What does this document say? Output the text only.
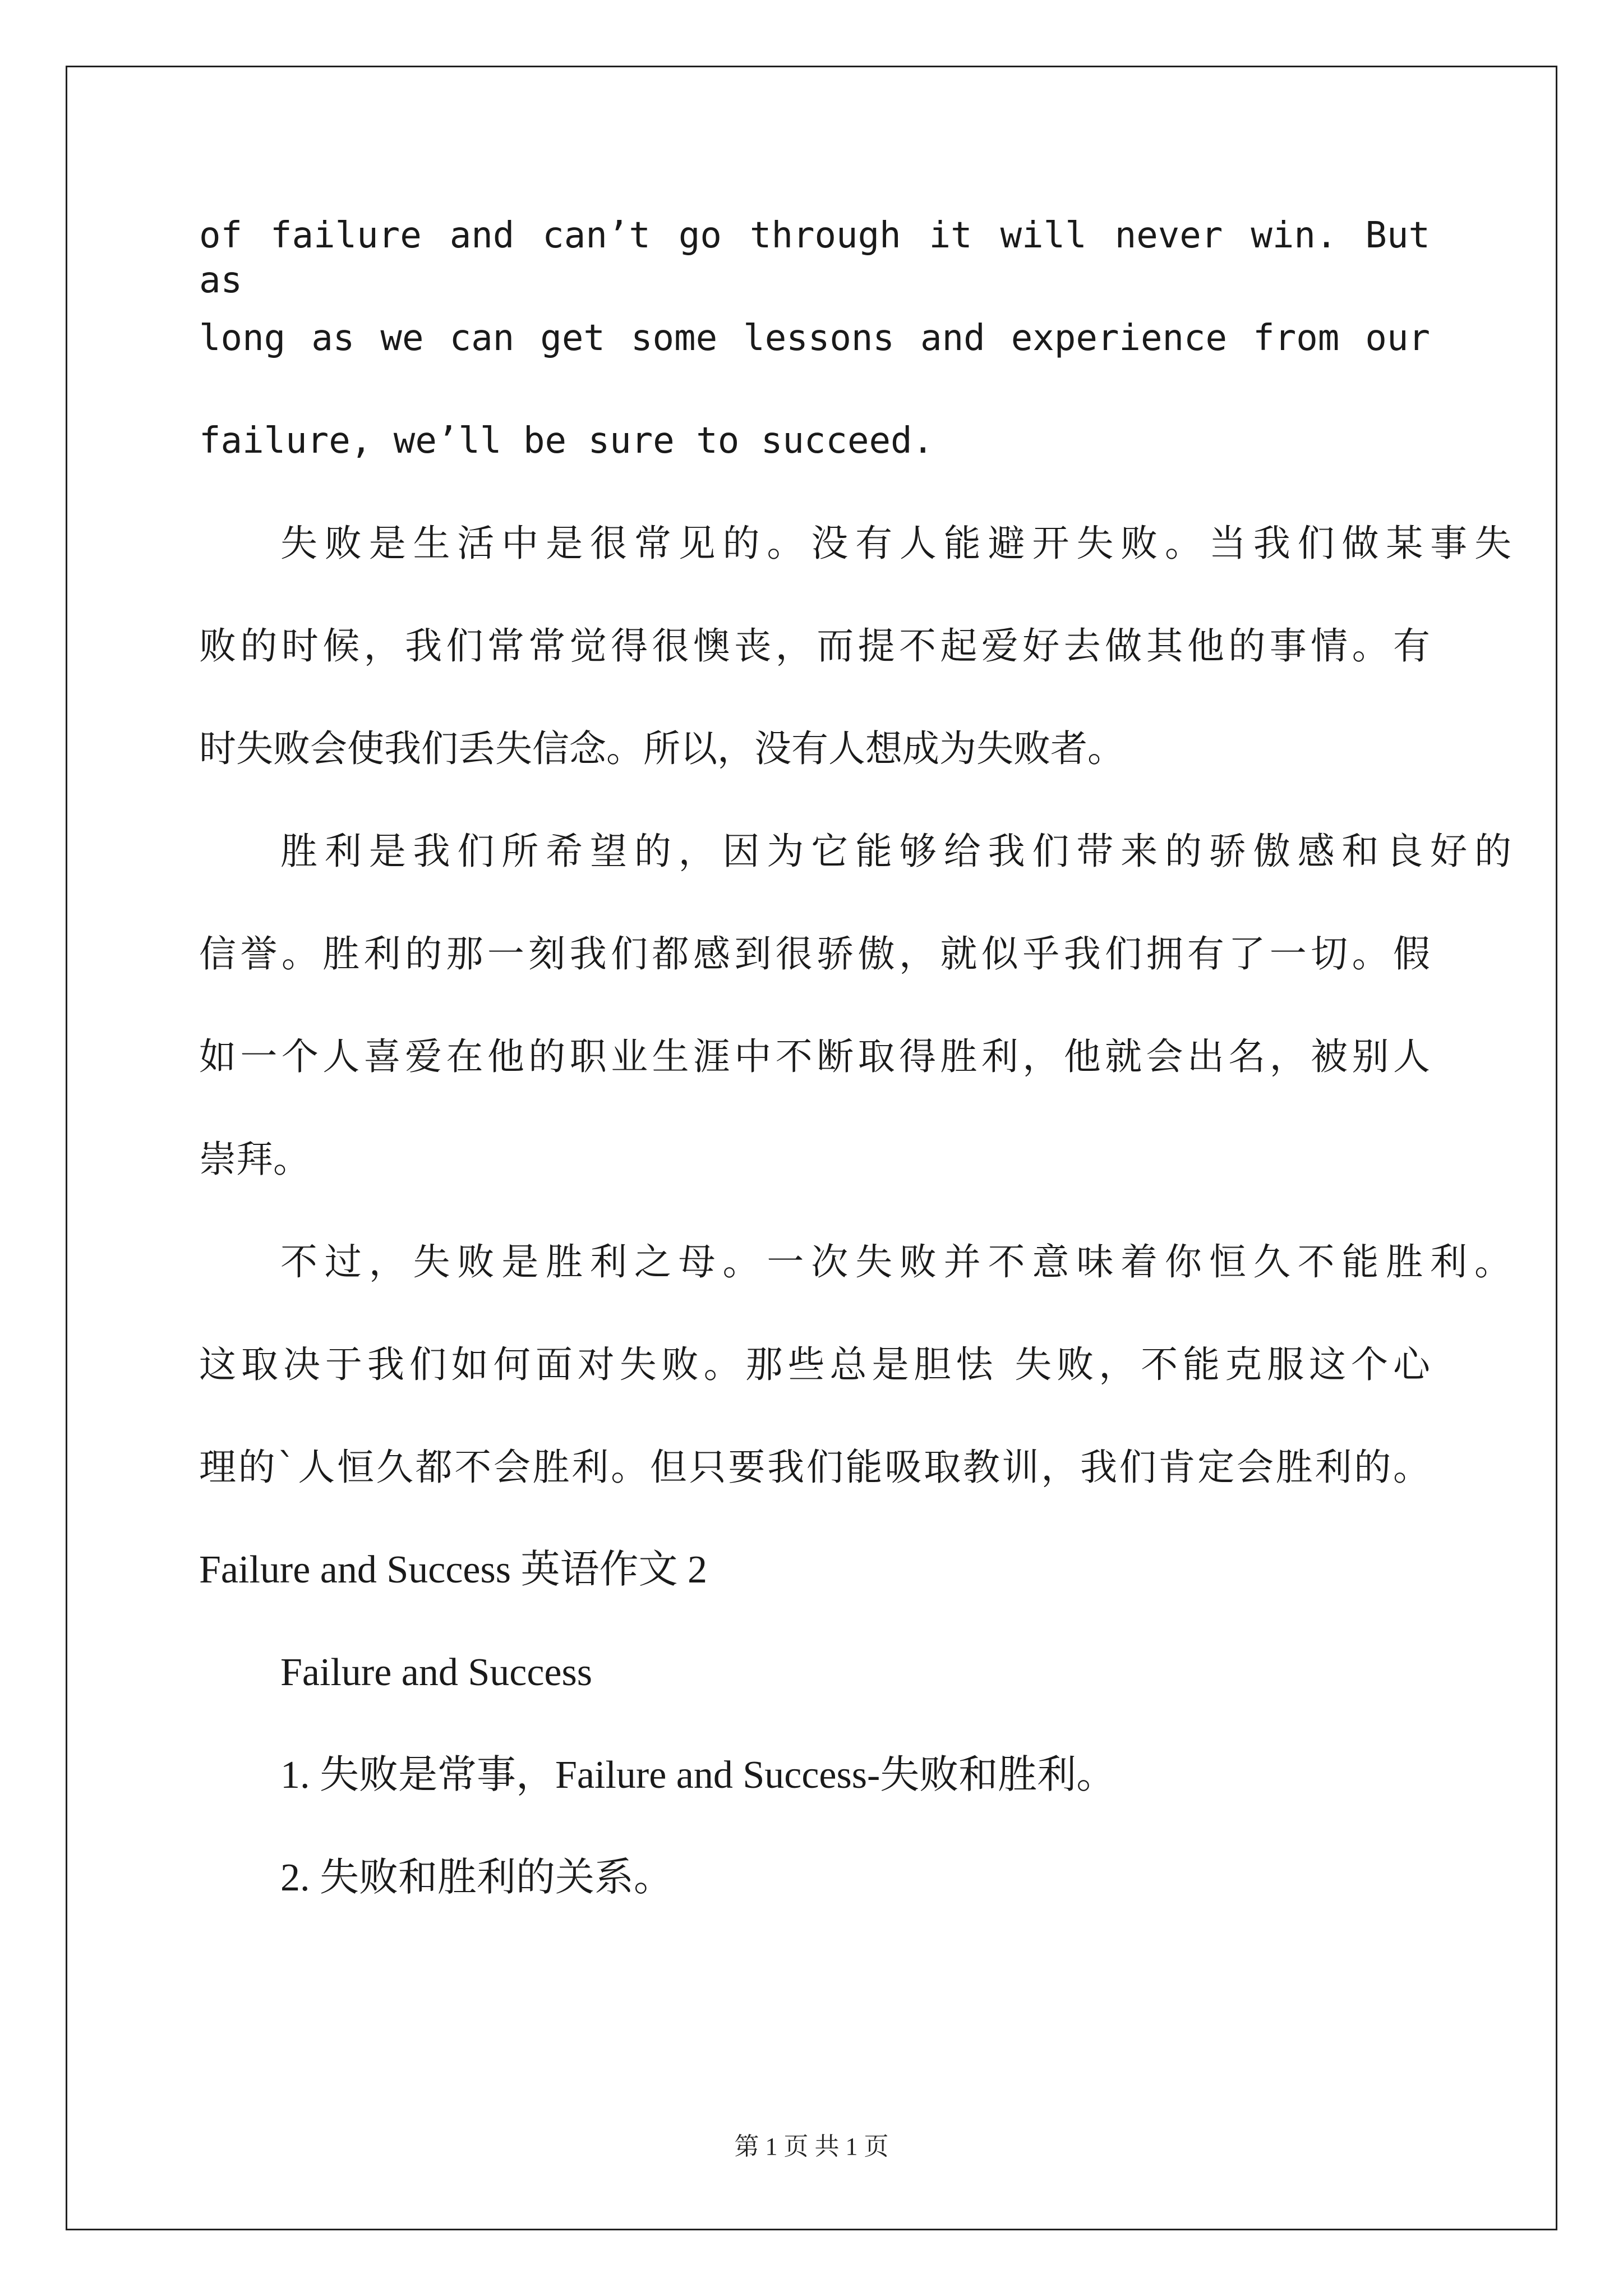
of failure and can’t go through it will never win. But as
long as we can get some lessons and experience from our
failure, we’ll be sure to succeed.
失败是生活中是很常见的。没有人能避开失败。当我们做某事失
败的时候，我们常常觉得很懊丧，而提不起爱好去做其他的事情。有
时失败会使我们丢失信念。所以，没有人想成为失败者。
胜利是我们所希望的，因为它能够给我们带来的骄傲感和良好的
信誉。胜利的那一刻我们都感到很骄傲，就似乎我们拥有了一切。假
如一个人喜爱在他的职业生涯中不断取得胜利，他就会出名，被别人
崇拜。
不过，失败是胜利之母。一次失败并不意味着你恒久不能胜利。
这取决于我们如何面对失败。那些总是胆怯 失败，不能克服这个心
理的`人恒久都不会胜利。但只要我们能吸取教训，我们肯定会胜利的。
Failure and Success 英语作文 2
Failure and Success
1. 失败是常事，Failure and Success-失败和胜利。
2. 失败和胜利的关系。
第 1 页 共 1 页
